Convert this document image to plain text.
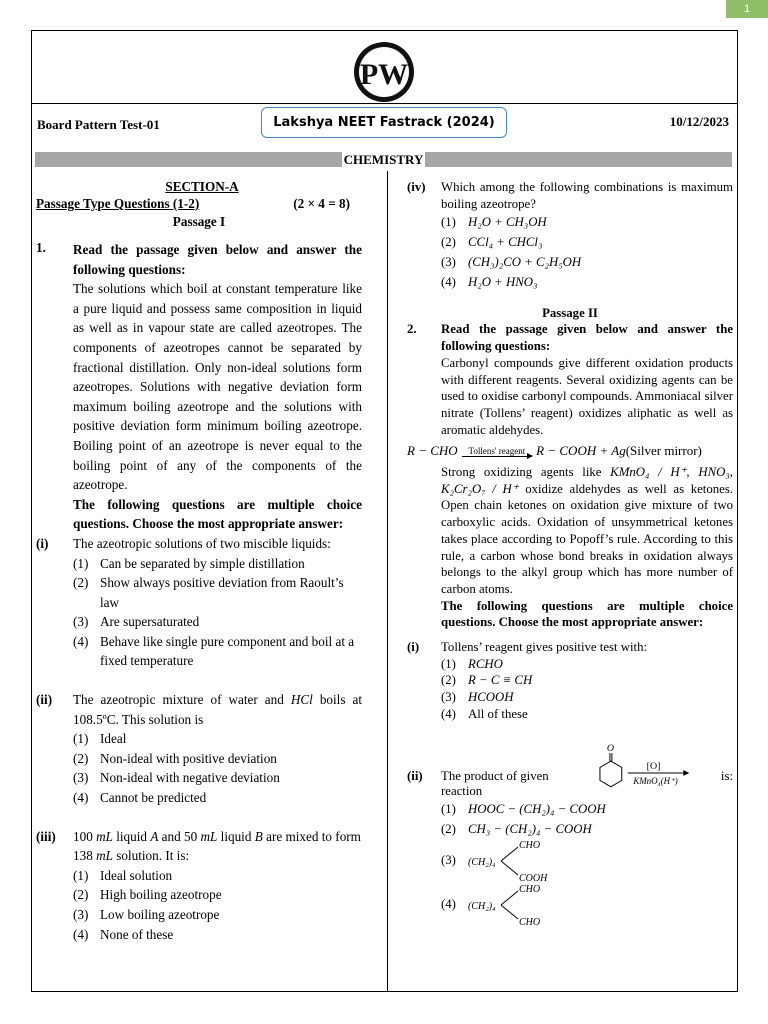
1
PW
Board Pattern Test-01	Lakshya NEET Fastrack (2024)	10/12/2023
CHEMISTRY
SECTION-A
Passage Type Questions (1-2)	(2 × 4 = 8)
Passage I
1.	Read the passage given below and answer the following questions:
The solutions which boil at constant temperature like a pure liquid and possess same composition in liquid as well as in vapour state are called azeotropes. The components of azeotropes cannot be separated by fractional distillation. Only non-ideal solutions form azeotropes. Solutions with negative deviation form maximum boiling azeotrope and the solutions with positive deviation form minimum boiling azeotrope. Boiling point of an azeotrope is never equal to the boiling point of any of the components of the azeotrope.
The following questions are multiple choice questions. Choose the most appropriate answer:
(i)	The azeotropic solutions of two miscible liquids:
(1) Can be separated by simple distillation
(2) Show always positive deviation from Raoult’s law
(3) Are supersaturated
(4) Behave like single pure component and boil at a fixed temperature
(ii)	The azeotropic mixture of water and HCl boils at 108.5ºC. This solution is
(1) Ideal
(2) Non-ideal with positive deviation
(3) Non-ideal with negative deviation
(4) Cannot be predicted
(iii)	100 mL liquid A and 50 mL liquid B are mixed to form 138 mL solution. It is:
(1) Ideal solution
(2) High boiling azeotrope
(3) Low boiling azeotrope
(4) None of these
(iv)	Which among the following combinations is maximum boiling azeotrope?
(1) H₂O + CH₃OH
(2) CCl₄ + CHCl₃
(3) (CH₃)₂CO + C₂H₅OH
(4) H₂O + HNO₃
Passage II
2.	Read the passage given below and answer the following questions:
Carbonyl compounds give different oxidation products with different reagents. Several oxidizing agents can be used to oxidise carbonyl compounds. Ammoniacal silver nitrate (Tollens’ reagent) oxidizes aliphatic as well as aromatic aldehydes.
R − CHO	Tollens' reagent R − COOH + Ag(Silver mirror)
Strong oxidizing agents like KMnO₄ / H⁺, HNO₃, K₂Cr₂O₇ / H⁺ oxidize aldehydes as well as ketones. Open chain ketones on oxidation give mixture of two carboxylic acids. Oxidation of unsymmetrical ketones takes place according to Popoff’s rule. According to this rule, a carbon whose bond breaks in oxidation always belongs to the alkyl group which has more number of carbon atoms.
The following questions are multiple choice questions. Choose the most appropriate answer:
(i)	Tollens’ reagent gives positive test with:
(1) RCHO
(2) R − C ≡ CH
(3) HCOOH
(4) All of these
(ii)	The product of given reaction
O
[O]
KMnO₄(H⁺)	is:
(1) HOOC − (CH₂)₄ − COOH
(2) CH₃ − (CH₂)₄ − COOH
(3)	(CH₂)₄
CHO
COOH
(4)	(CH₂)₄
CHO
CHO
